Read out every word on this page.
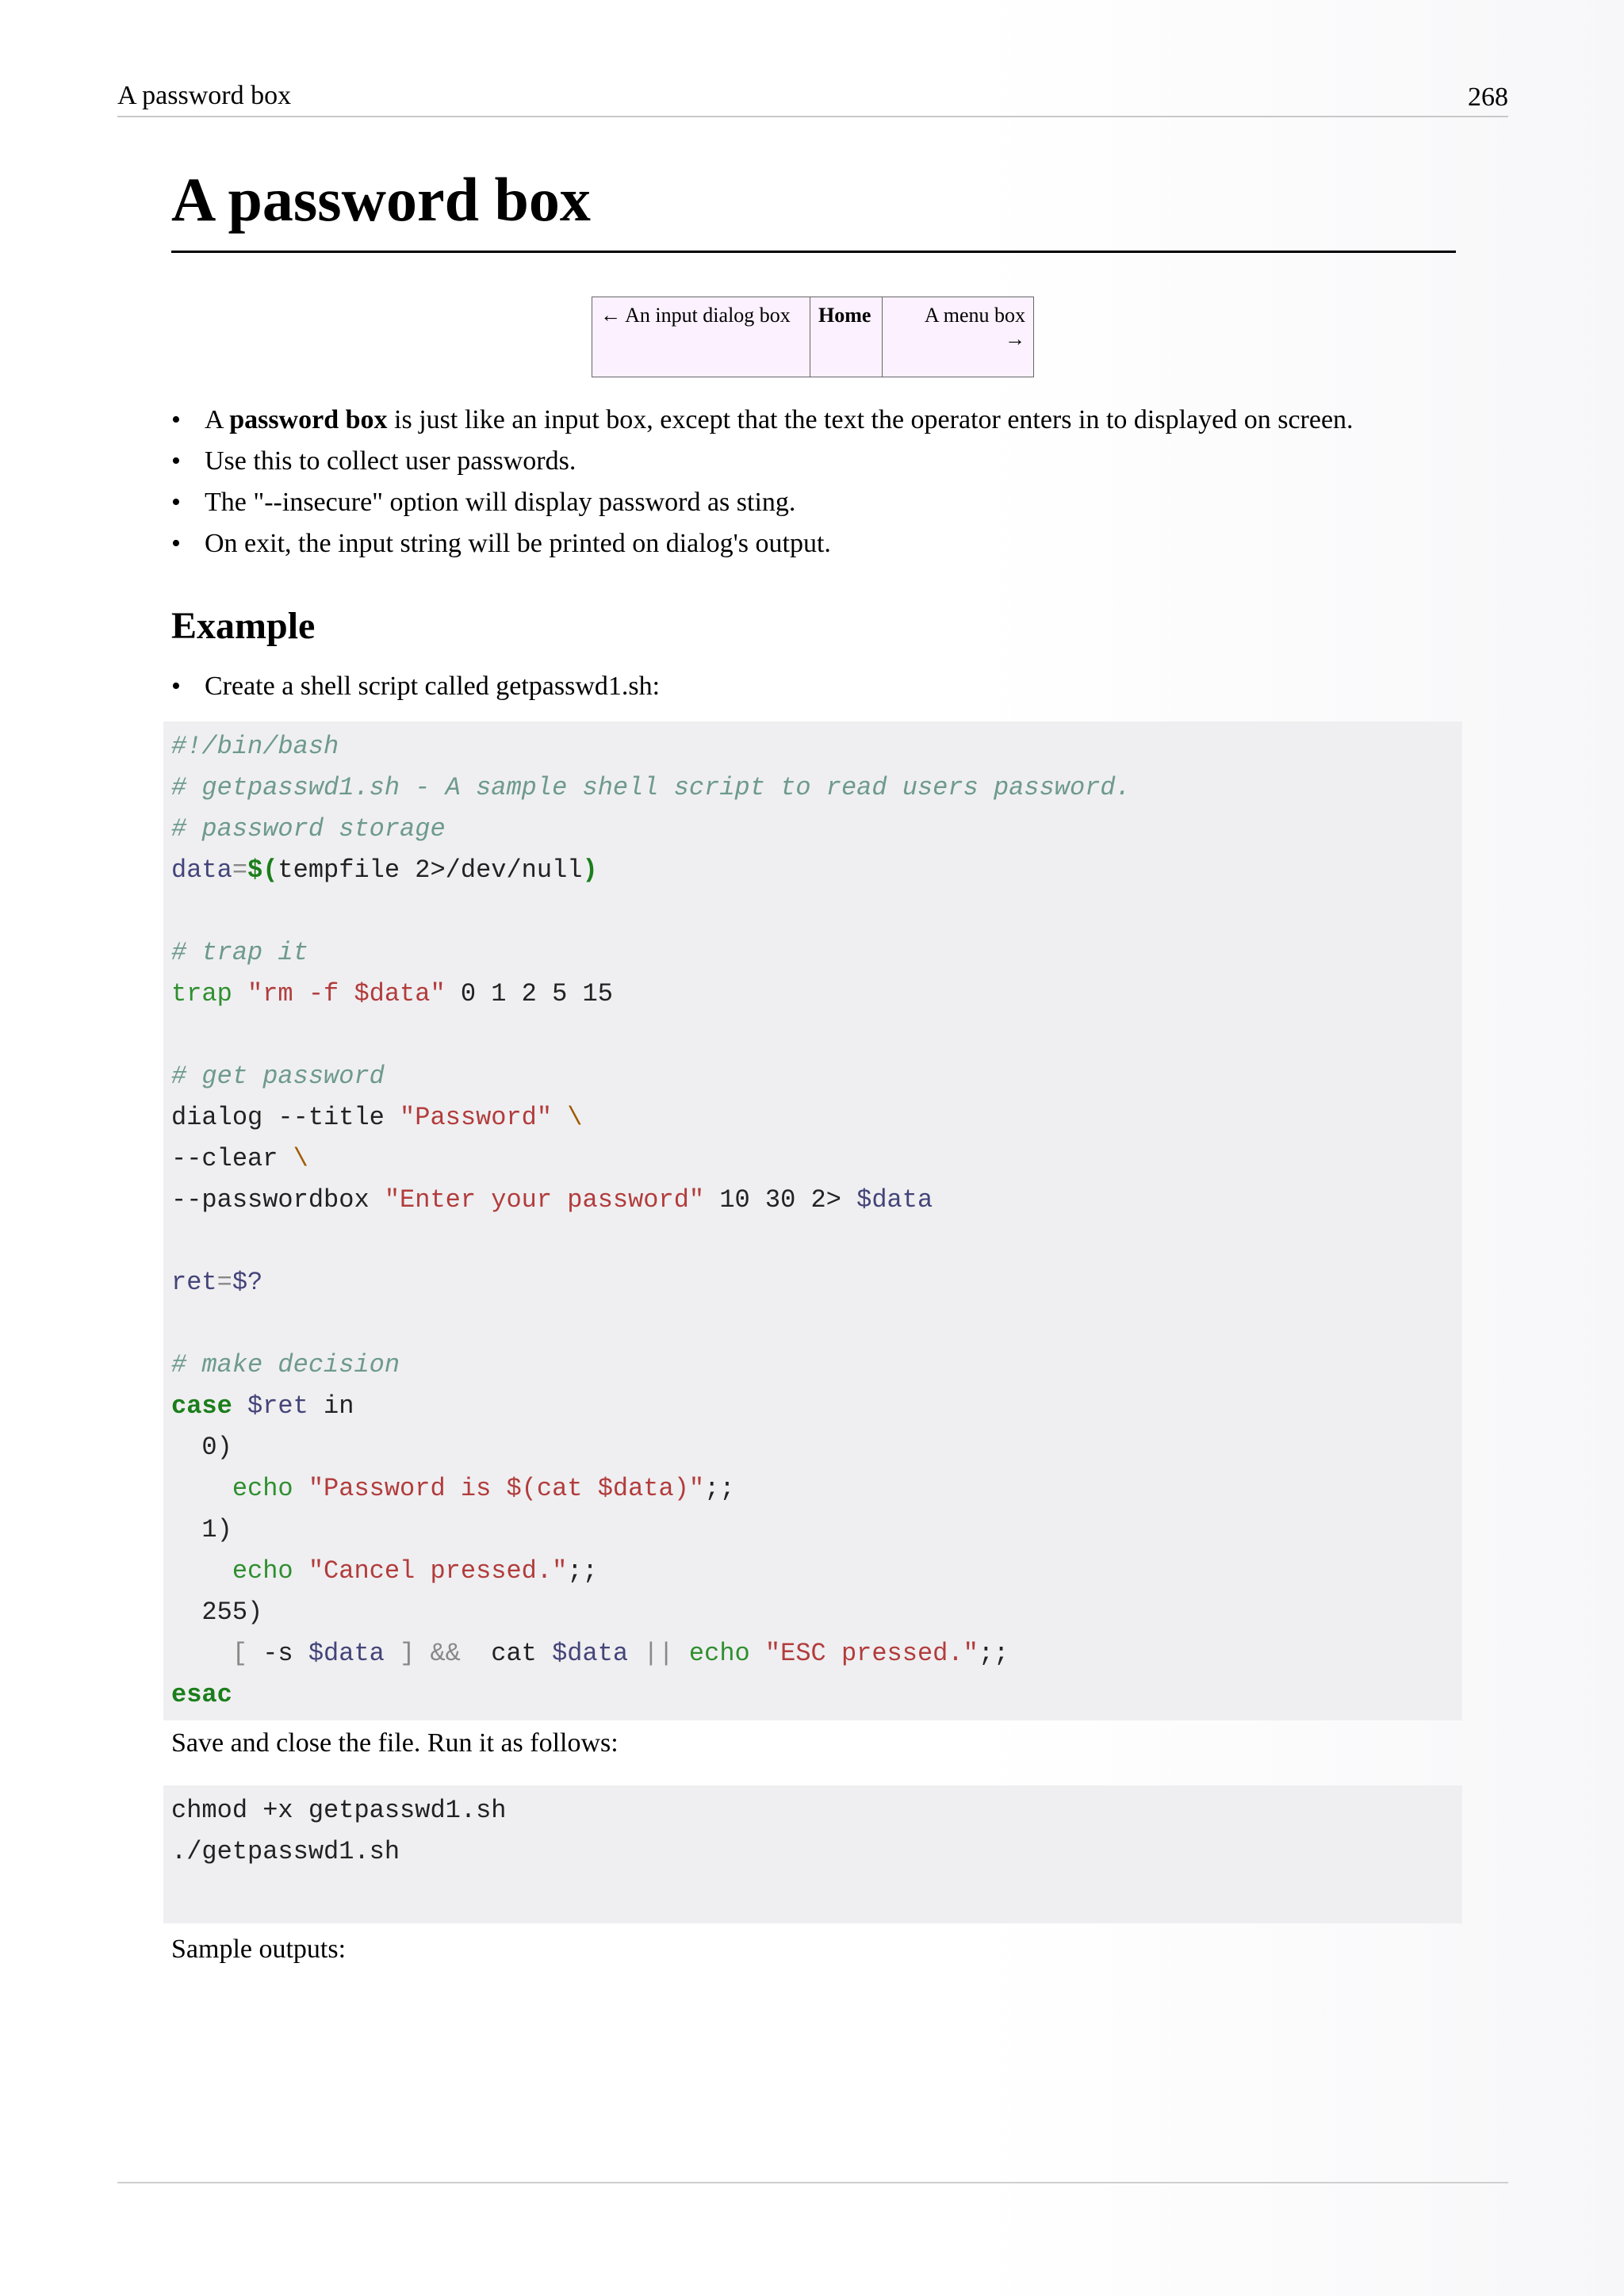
A password box	268
A password box
← An input dialog box	Home	A menu box
→
• A password box is just like an input box, except that the text the operator enters in to displayed on screen.
• Use this to collect user passwords.
• The "--insecure" option will display password as sting.
• On exit, the input string will be printed on dialog's output.
Example
• Create a shell script called getpasswd1.sh:
#!/bin/bash
# getpasswd1.sh - A sample shell script to read users password.
# password storage
data=$(tempfile 2>/dev/null)
# trap it
trap "rm -f $data" 0 1 2 5 15
# get password
dialog --title "Password" \
--clear \
--passwordbox "Enter your password" 10 30 2> $data
ret=$?
# make decision
case $ret in
0)
echo "Password is $(cat $data)";;
1)
echo "Cancel pressed.";;
255)
[ -s $data ] &&  cat $data || echo "ESC pressed.";;
esac
Save and close the file. Run it as follows:
chmod +x getpasswd1.sh
./getpasswd1.sh
Sample outputs:
